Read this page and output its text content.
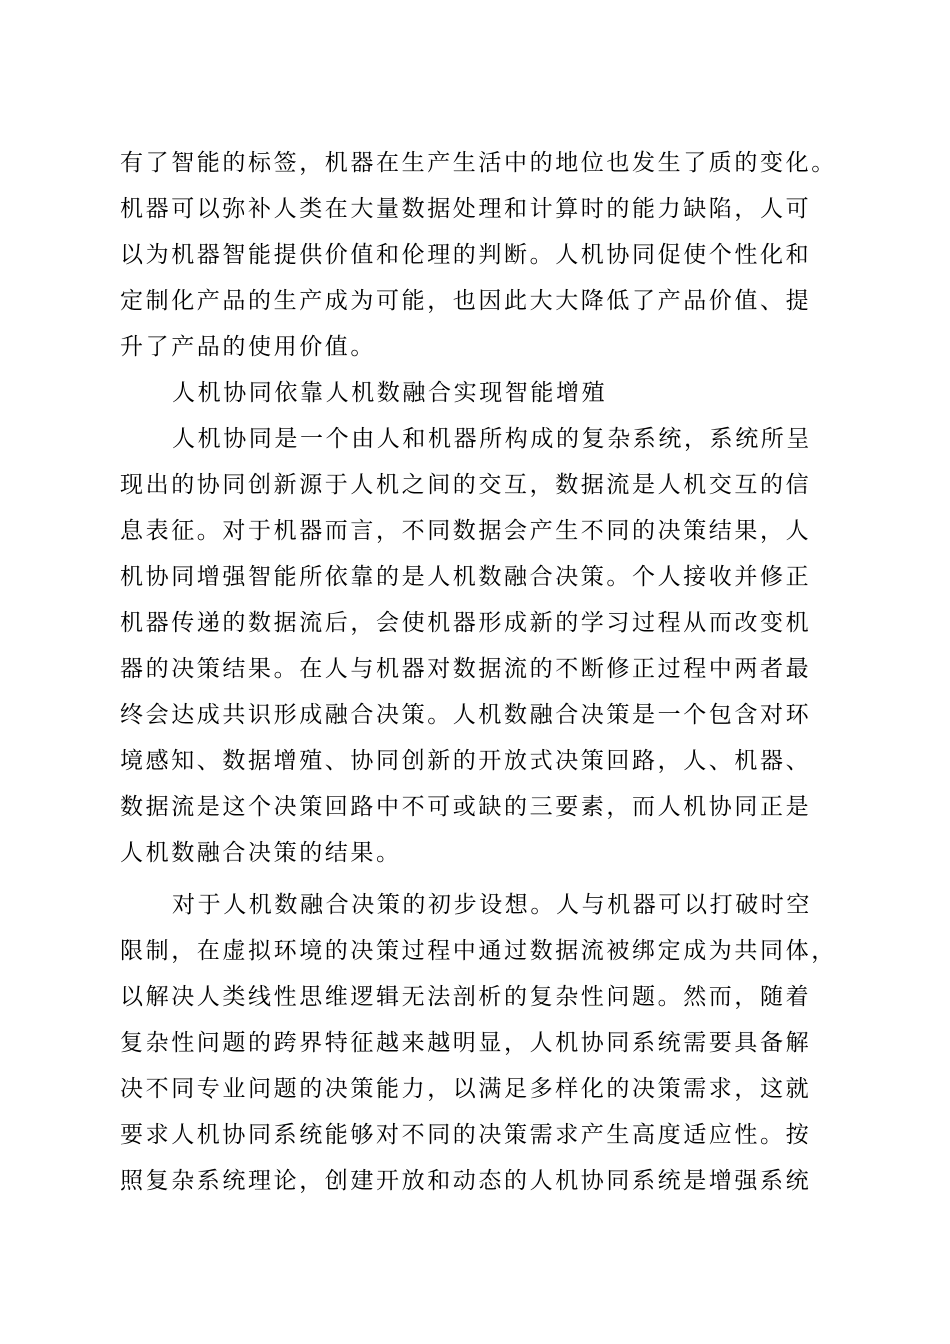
有了智能的标签，机器在生产生活中的地位也发生了质的变化。
机器可以弥补人类在大量数据处理和计算时的能力缺陷，人可
以为机器智能提供价值和伦理的判断。人机协同促使个性化和
定制化产品的生产成为可能，也因此大大降低了产品价值、提
升了产品的使用价值。
人机协同依靠人机数融合实现智能增殖
人机协同是一个由人和机器所构成的复杂系统，系统所呈
现出的协同创新源于人机之间的交互，数据流是人机交互的信
息表征。对于机器而言，不同数据会产生不同的决策结果，人
机协同增强智能所依靠的是人机数融合决策。个人接收并修正
机器传递的数据流后，会使机器形成新的学习过程从而改变机
器的决策结果。在人与机器对数据流的不断修正过程中两者最
终会达成共识形成融合决策。人机数融合决策是一个包含对环
境感知、数据增殖、协同创新的开放式决策回路，人、机器、
数据流是这个决策回路中不可或缺的三要素，而人机协同正是
人机数融合决策的结果。
对于人机数融合决策的初步设想。人与机器可以打破时空
限制，在虚拟环境的决策过程中通过数据流被绑定成为共同体，
以解决人类线性思维逻辑无法剖析的复杂性问题。然而，随着
复杂性问题的跨界特征越来越明显，人机协同系统需要具备解
决不同专业问题的决策能力，以满足多样化的决策需求，这就
要求人机协同系统能够对不同的决策需求产生高度适应性。按
照复杂系统理论，创建开放和动态的人机协同系统是增强系统
